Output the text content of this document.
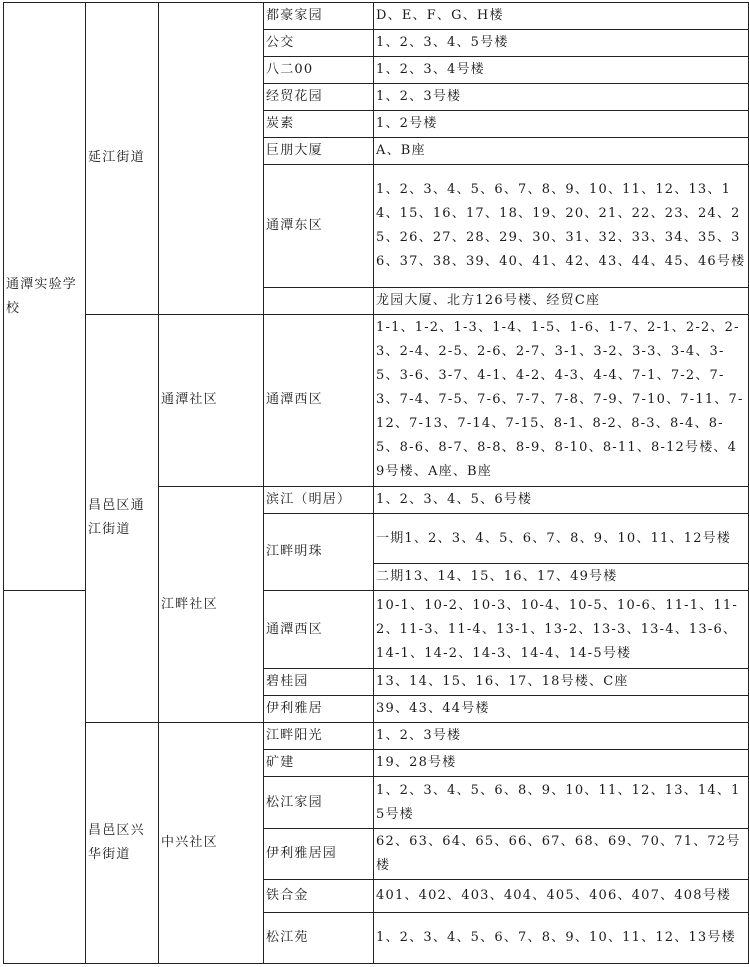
通潭实验学校	延江街道		都豪家园	D、E、F、G、H楼
			公交	1、2、3、4、5号楼
			八二00	1、2、3、4号楼
			经贸花园	1、2、3号楼
			炭素	1、2号楼
			巨朋大厦	A、B座
			通潭东区	1、2、3、4、5、6、7、8、9、10、11、12、13、14、15、16、17、18、19、20、21、22、23、24、25、26、27、28、29、30、31、32、33、34、35、36、37、38、39、40、41、42、43、44、45、46号楼
				龙园大厦、北方126号楼、经贸C座
	昌邑区通江街道	通潭社区	通潭西区	1-1、1-2、1-3、1-4、1-5、1-6、1-7、2-1、2-2、2-3、2-4、2-5、2-6、2-7、3-1、3-2、3-3、3-4、3-5、3-6、3-7、4-1、4-2、4-3、4-4、7-1、7-2、7-3、7-4、7-5、7-6、7-7、7-8、7-9、7-10、7-11、7-12、7-13、7-14、7-15、8-1、8-2、8-3、8-4、8-5、8-6、8-7、8-8、8-9、8-10、8-11、8-12号楼、49号楼、A座、B座
		江畔社区	滨江（明居）	1、2、3、4、5、6号楼
			江畔明珠	一期1、2、3、4、5、6、7、8、9、10、11、12号楼
				二期13、14、15、16、17、49号楼
			通潭西区	10-1、10-2、10-3、10-4、10-5、10-6、11-1、11-2、11-3、11-4、13-1、13-2、13-3、13-4、13-6、14-1、14-2、14-3、14-4、14-5号楼
			碧桂园	13、14、15、16、17、18号楼、C座
			伊利雅居	39、43、44号楼
	昌邑区兴华街道	中兴社区	江畔阳光	1、2、3号楼
			矿建	19、28号楼
			松江家园	1、2、3、4、5、6、8、9、10、11、12、13、14、15号楼
			伊利雅居园	62、63、64、65、66、67、68、69、70、71、72号楼
			铁合金	401、402、403、404、405、406、407、408号楼
			松江苑	1、2、3、4、5、6、7、8、9、10、11、12、13号楼
